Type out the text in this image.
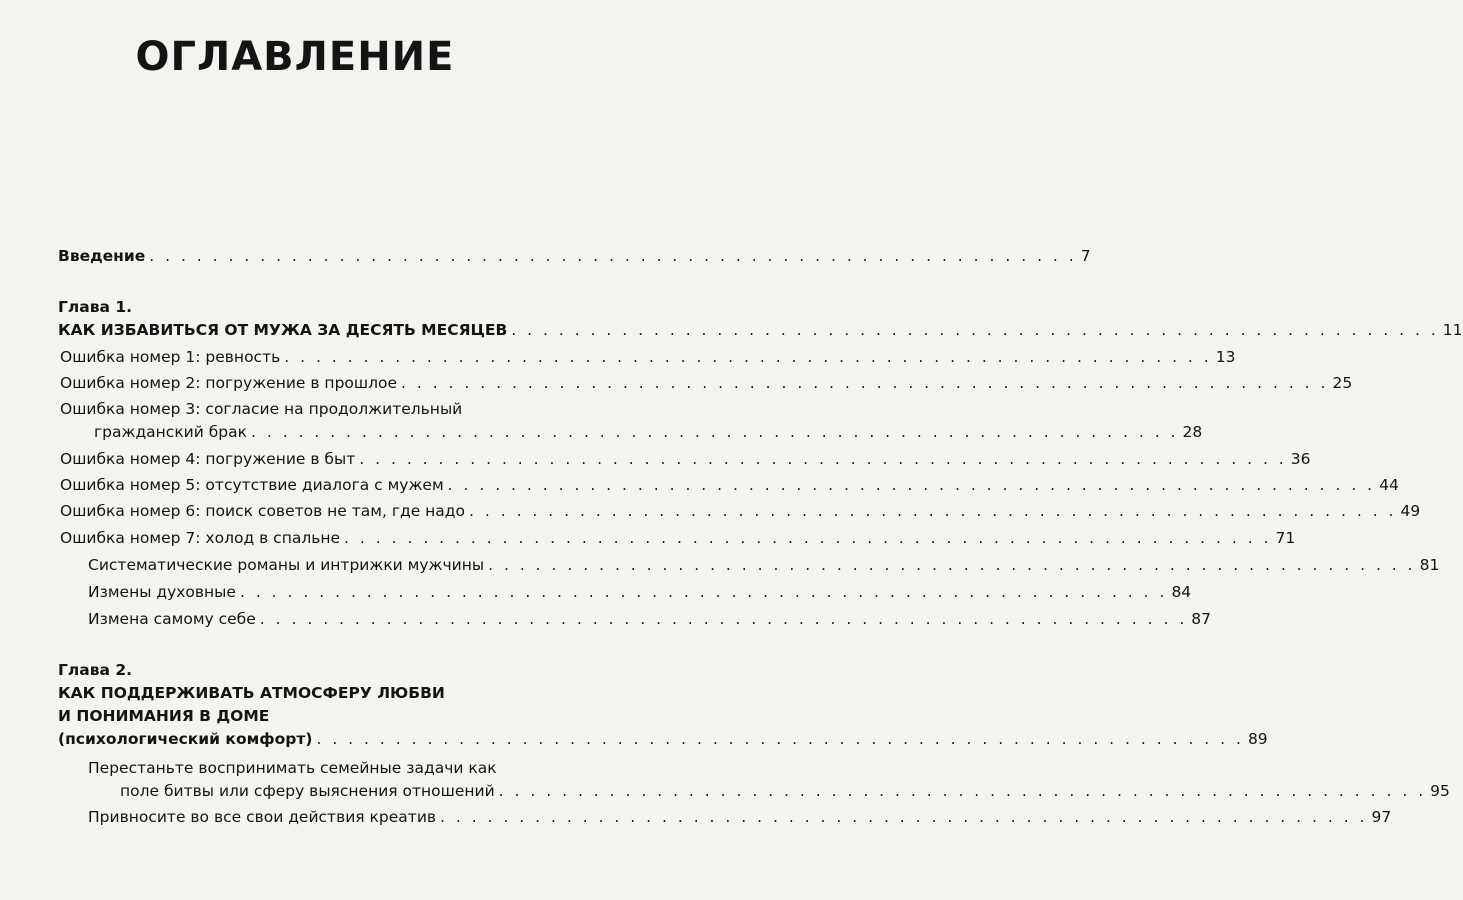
ОГЛАВЛЕНИЕ
Введение . . . . . . . . . . . . . . . . . . . . . . . . . . . . . . . . . . . . . . . . . . . . . . . . . . . . . . . . . . . 7
Глава 1.
КАК ИЗБАВИТЬСЯ ОТ МУЖА ЗА ДЕСЯТЬ МЕСЯЦЕВ . . . . . . . . . . . . . . . . . . . . . . . . . . . . . . . . . . . . . . . . . . . . . . . . . . . . . . . . . . . 11
Ошибка номер 1: ревность . . . . . . . . . . . . . . . . . . . . . . . . . . . . . . . . . . . . . . . . . . . . . . . . . . . . . . . . . . . 13
Ошибка номер 2: погружение в прошлое . . . . . . . . . . . . . . . . . . . . . . . . . . . . . . . . . . . . . . . . . . . . . . . . . . . . . . . . . . . 25
Ошибка номер 3: согласие на продолжительный
гражданский брак . . . . . . . . . . . . . . . . . . . . . . . . . . . . . . . . . . . . . . . . . . . . . . . . . . . . . . . . . . . 28
Ошибка номер 4: погружение в быт . . . . . . . . . . . . . . . . . . . . . . . . . . . . . . . . . . . . . . . . . . . . . . . . . . . . . . . . . . . 36
Ошибка номер 5: отсутствие диалога с мужем . . . . . . . . . . . . . . . . . . . . . . . . . . . . . . . . . . . . . . . . . . . . . . . . . . . . . . . . . . . 44
Ошибка номер 6: поиск советов не там, где надо . . . . . . . . . . . . . . . . . . . . . . . . . . . . . . . . . . . . . . . . . . . . . . . . . . . . . . . . . . . 49
Ошибка номер 7: холод в спальне . . . . . . . . . . . . . . . . . . . . . . . . . . . . . . . . . . . . . . . . . . . . . . . . . . . . . . . . . . . 71
Систематические романы и интрижки мужчины . . . . . . . . . . . . . . . . . . . . . . . . . . . . . . . . . . . . . . . . . . . . . . . . . . . . . . . . . . . 81
Измены духовные . . . . . . . . . . . . . . . . . . . . . . . . . . . . . . . . . . . . . . . . . . . . . . . . . . . . . . . . . . . 84
Измена самому себе . . . . . . . . . . . . . . . . . . . . . . . . . . . . . . . . . . . . . . . . . . . . . . . . . . . . . . . . . . . 87
Глава 2.
КАК ПОДДЕРЖИВАТЬ АТМОСФЕРУ ЛЮБВИ
И ПОНИМАНИЯ В ДОМЕ
(психологический комфорт) . . . . . . . . . . . . . . . . . . . . . . . . . . . . . . . . . . . . . . . . . . . . . . . . . . . . . . . . . . . 89
Перестаньте воспринимать семейные задачи как
поле битвы или сферу выяснения отношений . . . . . . . . . . . . . . . . . . . . . . . . . . . . . . . . . . . . . . . . . . . . . . . . . . . . . . . . . . . 95
Привносите во все свои действия креатив . . . . . . . . . . . . . . . . . . . . . . . . . . . . . . . . . . . . . . . . . . . . . . . . . . . . . . . . . . . 97
